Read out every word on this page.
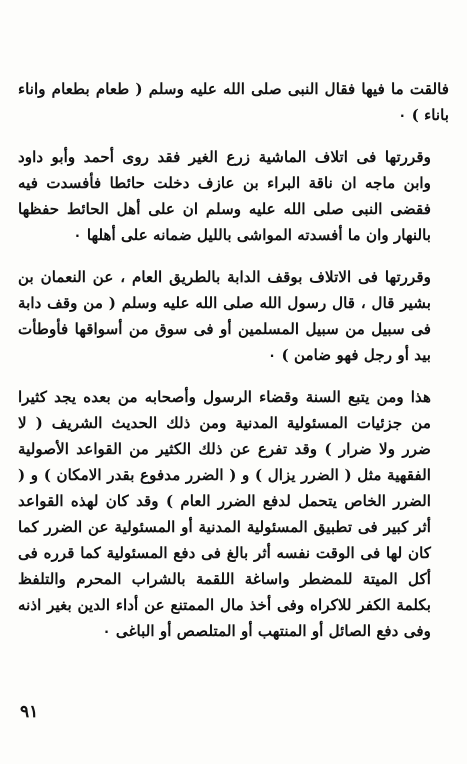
فالقت ما فيها فقال النبى صلى الله عليه وسلم ( طعام بطعام واناء باناء ) ٠

وقررتها فى اتلاف الماشية زرع الغير فقد روى أحمد وأبو داود وابن ماجه ان ناقة البراء بن عازف دخلت حائطا فأفسدت فيه فقضى النبى صلى الله عليه وسلم ان على أهل الحائط حفظها بالنهار وان ما أفسدته المواشى بالليل ضمانه على أهلها ٠

وقررتها فى الاتلاف بوقف الدابة بالطريق العام ، عن النعمان بن بشير قال ، قال رسول الله صلى الله عليه وسلم ( من وقف دابة فى سبيل من سبيل المسلمين أو فى سوق من أسواقها فأوطأت بيد أو رجل فهو ضامن ) ٠

هذا ومن يتبع السنة وقضاء الرسول وأصحابه من بعده يجد كثيرا من جزئيات المسئولية المدنية ومن ذلك الحديث الشريف ( لا ضرر ولا ضرار ) وقد تفرع عن ذلك الكثير من القواعد الأصولية الفقهية مثل ( الضرر يزال ) و ( الضرر مدفوع بقدر الامكان ) و ( الضرر الخاص يتحمل لدفع الضرر العام ) وقد كان لهذه القواعد أثر كبير فى تطبيق المسئولية المدنية أو المسئولية عن الضرر كما كان لها فى الوقت نفسه أثر بالغ فى دفع المسئولية كما قرره فى أكل الميتة للمضطر واساغة اللقمة بالشراب المحرم والتلفظ بكلمة الكفر للاكراه وفى أخذ مال الممتنع عن أداء الدين بغير اذنه وفى دفع الصائل أو المنتهب أو المتلصص أو الباغى ٠

٩١
